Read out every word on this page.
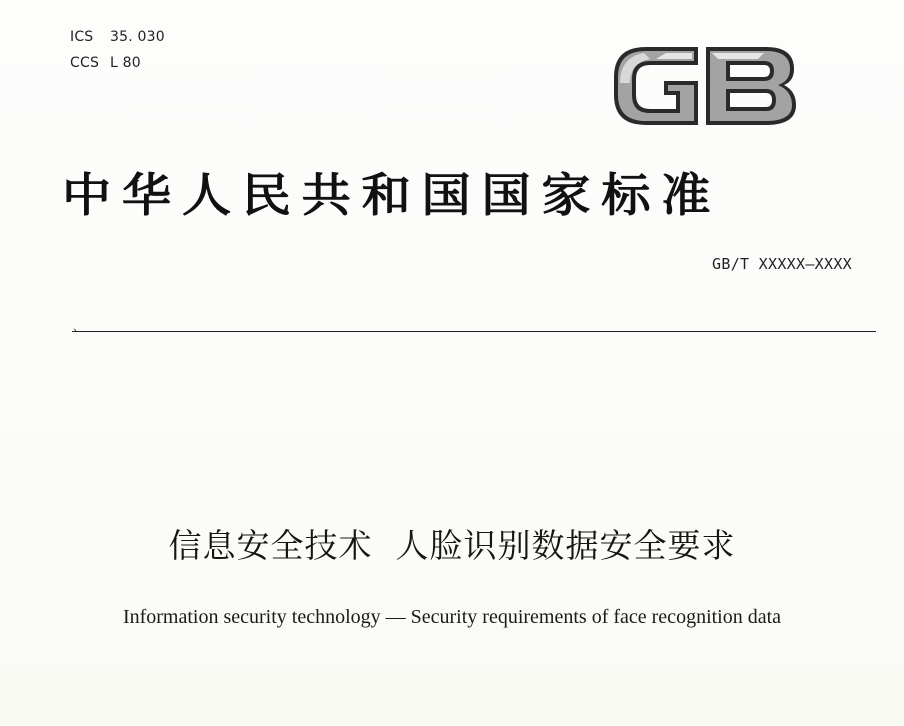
ICS 35. 030
CCS L 80
中华人民共和国国家标准
GB/T XXXXX—XXXX
、
信息安全技术  人脸识别数据安全要求
Information security technology — Security requirements of face recognition data
